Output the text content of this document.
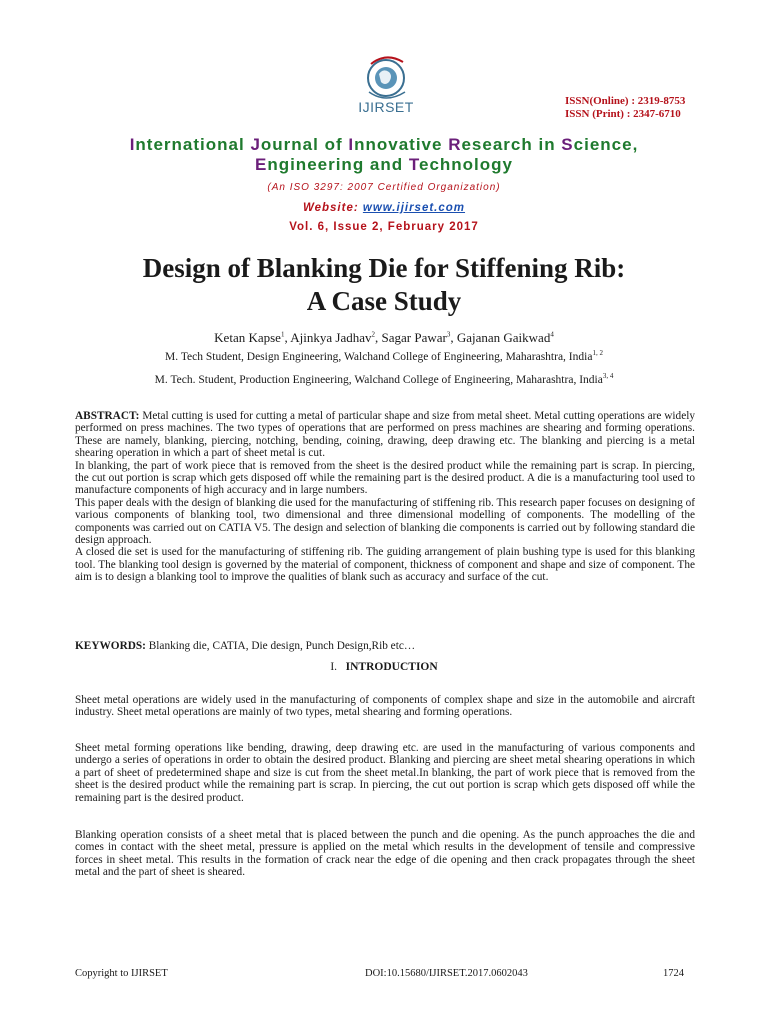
IJIRSET	ISSN(Online) : 2319-8753
ISSN (Print) : 2347-6710
International Journal of Innovative Research in Science,
Engineering and Technology
(An ISO 3297: 2007 Certified Organization)
Website: www.ijirset.com
Vol. 6, Issue 2, February 2017
Design of Blanking Die for Stiffening Rib:
A Case Study
Ketan Kapse$^1$, Ajinkya Jadhav$^2$, Sagar Pawar$^3$, Gajanan Gaikwad$^4$
M. Tech Student, Design Engineering, Walchand College of Engineering, Maharashtra, India$^{1, 2}$
M. Tech. Student, Production Engineering, Walchand College of Engineering, Maharashtra, India$^{3, 4}$

ABSTRACT: Metal cutting is used for cutting a metal of particular shape and size from metal sheet. Metal cutting operations are widely performed on press machines. The two types of operations that are performed on press machines are shearing and forming operations. These are namely, blanking, piercing, notching, bending, coining, drawing, deep drawing etc. The blanking and piercing is a metal shearing operation in which a part of sheet metal is cut.

In blanking, the part of work piece that is removed from the sheet is the desired product while the remaining part is scrap. In piercing, the cut out portion is scrap which gets disposed off while the remaining part is the desired product. A die is a manufacturing tool used to manufacture components of high accuracy and in large numbers.

This paper deals with the design of blanking die used for the manufacturing of stiffening rib. This research paper focuses on designing of various components of blanking tool, two dimensional and three dimensional modelling of components. The modelling of the components was carried out on CATIA V5. The design and selection of blanking die components is carried out by following standard die design approach.

A closed die set is used for the manufacturing of stiffening rib. The guiding arrangement of plain bushing type is used for this blanking tool. The blanking tool design is governed by the material of component, thickness of component and shape and size of component. The aim is to design a blanking tool to improve the qualities of blank such as accuracy and surface of the cut.

KEYWORDS: Blanking die, CATIA, Die design, Punch Design,Rib etc…

I. INTRODUCTION
Sheet metal operations are widely used in the manufacturing of components of complex shape and size in the automobile and aircraft industry. Sheet metal operations are mainly of two types, metal shearing and forming operations.
Sheet metal forming operations like bending, drawing, deep drawing etc. are used in the manufacturing of various components and undergo a series of operations in order to obtain the desired product. Blanking and piercing are sheet metal shearing operations in which a part of sheet of predetermined shape and size is cut from the sheet metal.In blanking, the part of work piece that is removed from the sheet is the desired product while the remaining part is scrap. In piercing, the cut out portion is scrap which gets disposed off while the remaining part is the desired product.
Blanking operation consists of a sheet metal that is placed between the punch and die opening. As the punch approaches the die and comes in contact with the sheet metal, pressure is applied on the metal which results in the development of tensile and compressive forces in sheet metal. This results in the formation of crack near the edge of die opening and then crack propagates through the sheet metal and the part of sheet is sheared.
Copyright to IJIRSET	DOI:10.15680/IJIRSET.2017.0602043	1724
